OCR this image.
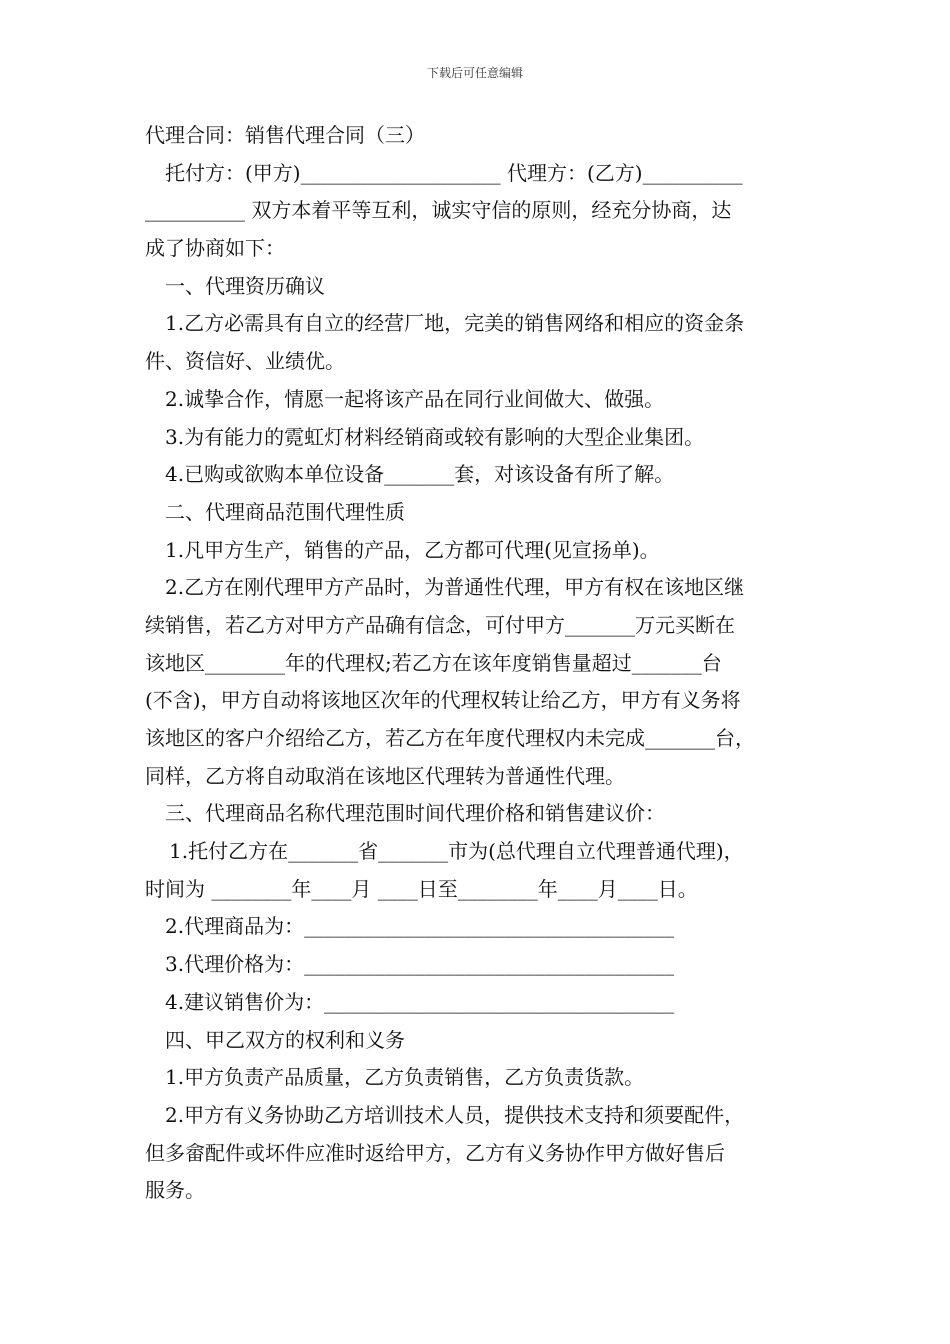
下载后可任意编辑
代理合同：销售代理合同（三）
托付方：(甲方)____________________ 代理方：(乙方)__________
__________ 双方本着平等互利，诚实守信的原则，经充分协商，达
成了协商如下：
一、代理资历确议
1.乙方必需具有自立的经营厂地，完美的销售网络和相应的资金条
件、资信好、业绩优。
2.诚挚合作，情愿一起将该产品在同行业间做大、做强。
3.为有能力的霓虹灯材料经销商或较有影响的大型企业集团。
4.已购或欲购本单位设备_______套，对该设备有所了解。
二、代理商品范围代理性质
1.凡甲方生产，销售的产品，乙方都可代理(见宣扬单)。
2.乙方在刚代理甲方产品时，为普通性代理，甲方有权在该地区继
续销售，若乙方对甲方产品确有信念，可付甲方_______万元买断在
该地区________年的代理权;若乙方在该年度销售量超过_______台
(不含)，甲方自动将该地区次年的代理权转让给乙方，甲方有义务将
该地区的客户介绍给乙方，若乙方在年度代理权内未完成_______台，
同样，乙方将自动取消在该地区代理转为普通性代理。
三、代理商品名称代理范围时间代理价格和销售建议价：
1.托付乙方在_______省_______市为(总代理自立代理普通代理)，
时间为 ________年____月 ____日至________年____月____日。
2.代理商品为：_____________________________________
3.代理价格为：_____________________________________
4.建议销售价为：___________________________________
四、甲乙双方的权利和义务
1.甲方负责产品质量，乙方负责销售，乙方负责货款。
2.甲方有义务协助乙方培训技术人员，提供技术支持和须要配件，
但多畲配件或坏件应准时返给甲方，乙方有义务协作甲方做好售后
服务。
